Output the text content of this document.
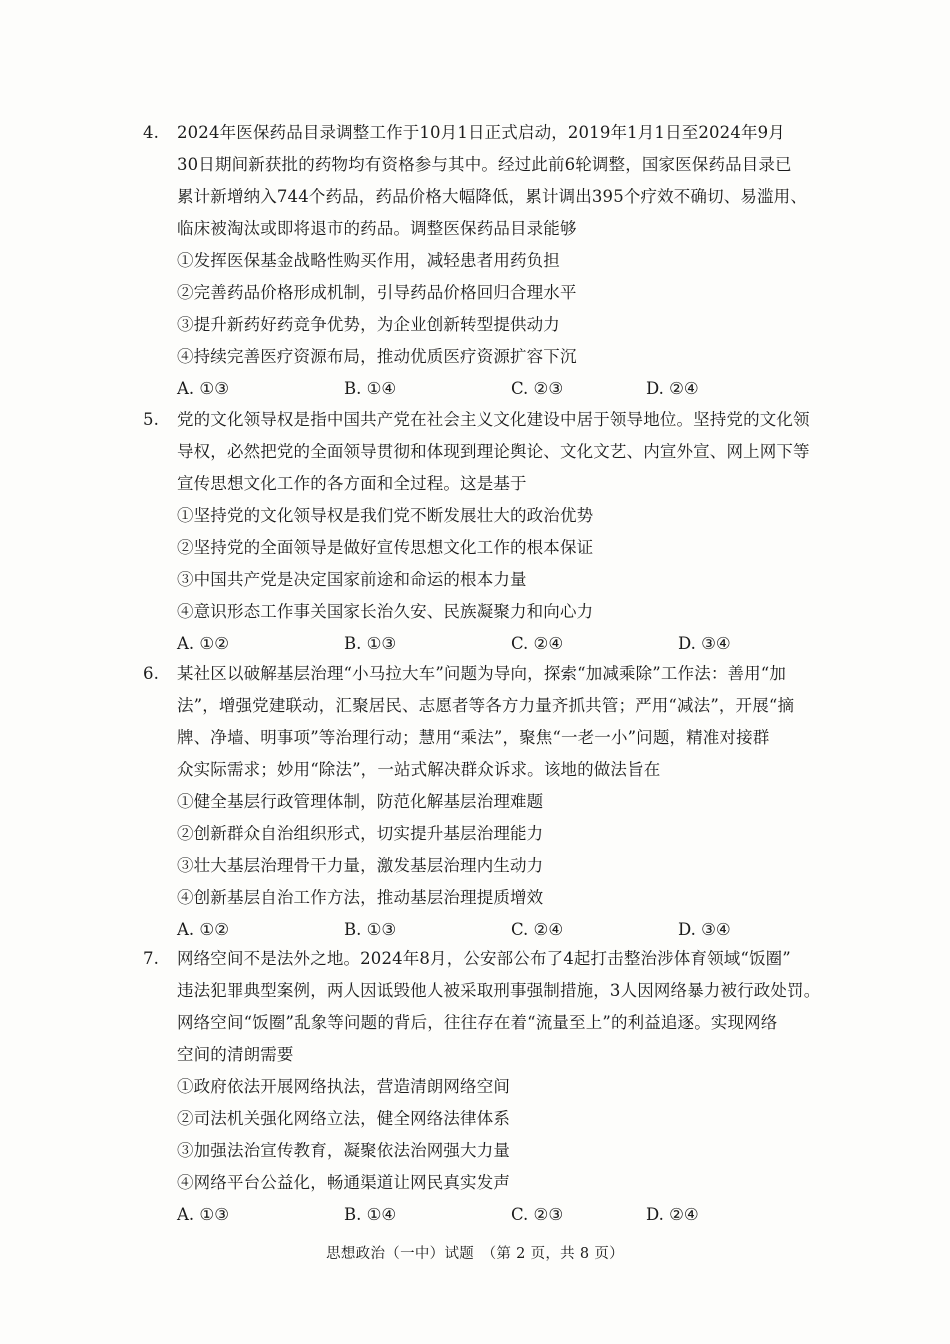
4.	2024年医保药品目录调整工作于10月1日正式启动，2019年1月1日至2024年9月
30日期间新获批的药物均有资格参与其中。经过此前6轮调整，国家医保药品目录已
累计新增纳入744个药品，药品价格大幅降低，累计调出395个疗效不确切、易滥用、
临床被淘汰或即将退市的药品。调整医保药品目录能够
①发挥医保基金战略性购买作用，减轻患者用药负担
②完善药品价格形成机制，引导药品价格回归合理水平
③提升新药好药竞争优势，为企业创新转型提供动力
④持续完善医疗资源布局，推动优质医疗资源扩容下沉
A. ①③	B. ①④	C. ②③	D. ②④
5.	党的文化领导权是指中国共产党在社会主义文化建设中居于领导地位。坚持党的文化领
导权，必然把党的全面领导贯彻和体现到理论舆论、文化文艺、内宣外宣、网上网下等
宣传思想文化工作的各方面和全过程。这是基于
①坚持党的文化领导权是我们党不断发展壮大的政治优势
②坚持党的全面领导是做好宣传思想文化工作的根本保证
③中国共产党是决定国家前途和命运的根本力量
④意识形态工作事关国家长治久安、民族凝聚力和向心力
A. ①②	B. ①③	C. ②④	D. ③④
6.	某社区以破解基层治理“小马拉大车”问题为导向，探索“加减乘除”工作法：善用“加
法”，增强党建联动，汇聚居民、志愿者等各方力量齐抓共管；严用“减法”，开展“摘
牌、净墙、明事项”等治理行动；慧用“乘法”，聚焦“一老一小”问题，精准对接群
众实际需求；妙用“除法”，一站式解决群众诉求。该地的做法旨在
①健全基层行政管理体制，防范化解基层治理难题
②创新群众自治组织形式，切实提升基层治理能力
③壮大基层治理骨干力量，激发基层治理内生动力
④创新基层自治工作方法，推动基层治理提质增效
A. ①②	B. ①③	C. ②④	D. ③④
7.	网络空间不是法外之地。2024年8月，公安部公布了4起打击整治涉体育领域“饭圈”
违法犯罪典型案例，两人因诋毁他人被采取刑事强制措施，3人因网络暴力被行政处罚。
网络空间“饭圈”乱象等问题的背后，往往存在着“流量至上”的利益追逐。实现网络
空间的清朗需要
①政府依法开展网络执法，营造清朗网络空间
②司法机关强化网络立法，健全网络法律体系
③加强法治宣传教育，凝聚依法治网强大力量
④网络平台公益化，畅通渠道让网民真实发声
A. ①③	B. ①④	C. ②③	D. ②④
思想政治（一中）试题　（第 2 页，共 8 页）
